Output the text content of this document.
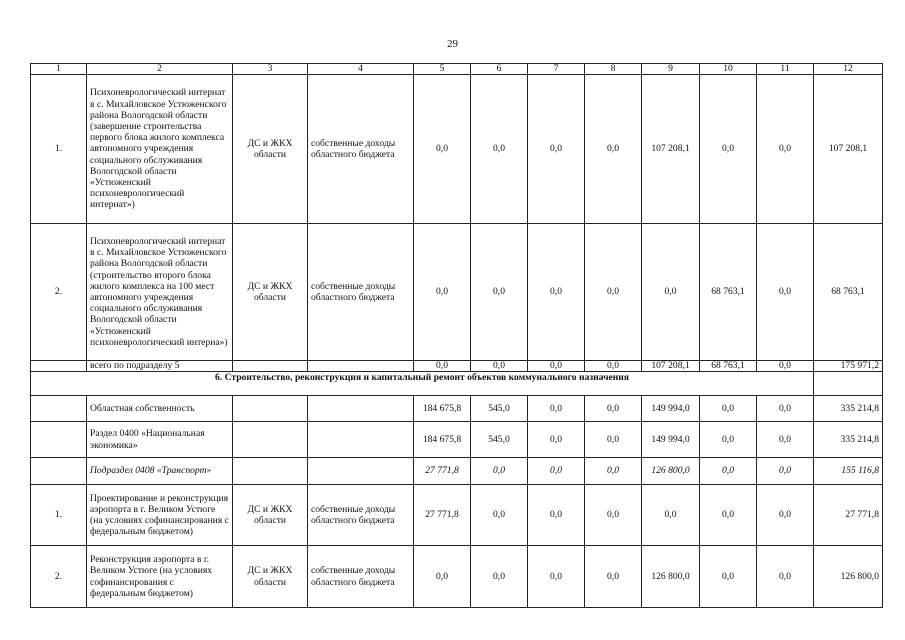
29
1	2	3	4	5	6	7	8	9	10	11	12
1.	Психоневрологический интернат в с. Михайловское Устюженского района Вологодской области (завершение строительства первого блока жилого комплекса автономного учреждения социального обслуживания Вологодской области «Устюженский психоневрологический интернат»)	ДС и ЖКХ области	собственные доходы областного бюджета	0,0	0,0	0,0	0,0	107 208,1	0,0	0,0	107 208,1
2.	Психоневрологический интернат в с. Михайловское Устюженского района Вологодской области (строительство второго блока жилого комплекса на 100 мест автономного учреждения социального обслуживания Вологодской области «Устюженский психоневрологический интерна»)	ДС и ЖКХ области	собственные доходы областного бюджета	0,0	0,0	0,0	0,0	0,0	68 763,1	0,0	68 763,1
	всего по подразделу 5			0,0	0,0	0,0	0,0	107 208,1	68 763,1	0,0	175 971,2
6. Строительство, реконструкция и капитальный ремонт объектов коммунального назначения											
	Областная собственность			184 675,8	545,0	0,0	0,0	149 994,0	0,0	0,0	335 214,8
	Раздел 0400 «Национальная экономика»			184 675,8	545,0	0,0	0,0	149 994,0	0,0	0,0	335 214,8
	Подраздел 0408 «Транспорт»			27 771,8	0,0	0,0	0,0	126 800,0	0,0	0,0	155 116,8
1.	Проектирование и реконструкция аэропорта в г. Великом Устюге (на условиях софинансирования с федеральным бюджетом)	ДС и ЖКХ области	собственные доходы областного бюджета	27 771,8	0,0	0,0	0,0	0,0	0,0	0,0	27 771,8
2.	Реконструкция аэропорта в г. Великом Устюге (на условиях софинансирования с федеральным бюджетом)	ДС и ЖКХ области	собственные доходы областного бюджета	0,0	0,0	0,0	0,0	126 800,0	0,0	0,0	126 800,0
